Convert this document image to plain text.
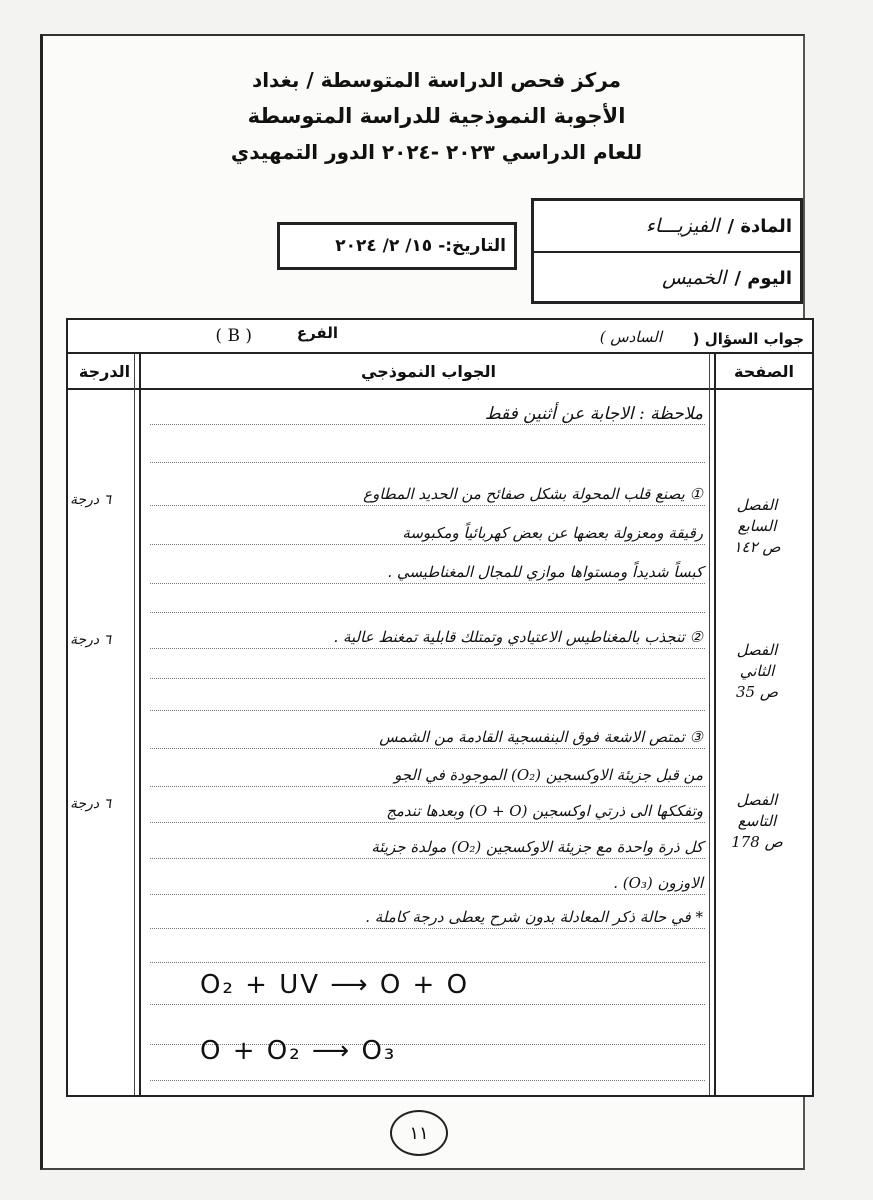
مركز فحص الدراسة المتوسطة / بغداد
الأجوبة النموذجية للدراسة المتوسطة
للعام الدراسي ٢٠٢٣ -٢٠٢٤ الدور التمهيدي
المادة /
الفيزيـــاء
اليوم /
الخميس
التاريخ:-
١٥/ ٢/ ٢٠٢٤
جواب السؤال (
السادس )
الفرع
( B )
الصفحة
الجواب النموذجي
الدرجة
ملاحظة : الاجابة عن أثنين فقط
① يصنع قلب المحولة بشكل صفائح من الحديد المطاوع
رقيقة ومعزولة بعضها عن بعض كهربائياً ومكبوسة
كبساً شديداً ومستواها موازي للمجال المغناطيسي .
الفصل
السابع
ص ١٤٢
٦ درجة
② تنجذب بالمغناطيس الاعتيادي وتمتلك قابلية تمغنط عالية .
الفصل
الثاني
ص 35
٦ درجة
③ تمتص الاشعة فوق البنفسجية القادمة من الشمس
من قبل جزيئة الاوكسجين (O₂) الموجودة في الجو
وتفككها الى ذرتي اوكسجين (O + O) وبعدها تندمج
كل ذرة واحدة مع جزيئة الاوكسجين (O₂) مولدة جزيئة
الاوزون (O₃) .
* في حالة ذكر المعادلة بدون شرح يعطى درجة كاملة .
الفصل
التاسع
ص 178
٦ درجة
O₂ + UV ⟶ O + O
O + O₂ ⟶ O₃
١١
